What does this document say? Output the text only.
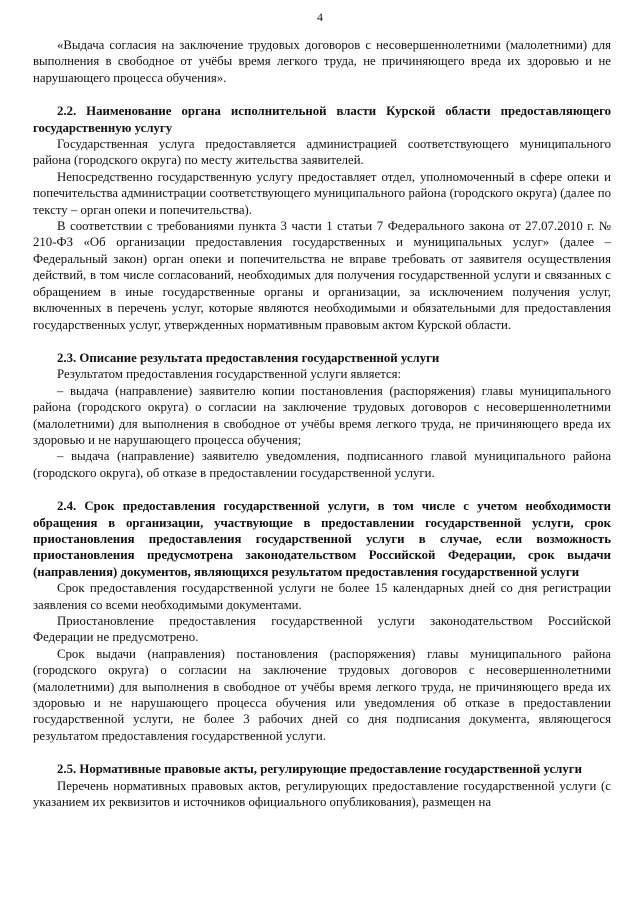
4

«Выдача согласия на заключение трудовых договоров с несовершеннолетними (малолетними) для выполнения в свободное от учёбы время легкого труда, не причиняющего вреда их здоровью и не нарушающего процесса обучения».

2.2. Наименование органа исполнительной власти Курской области предоставляющего государственную услугу

Государственная услуга предоставляется администрацией соответствующего муниципального района (городского округа) по месту жительства заявителей.

Непосредственно государственную услугу предоставляет отдел, уполномоченный в сфере опеки и попечительства администрации соответствующего муниципального района (городского округа) (далее по тексту – орган опеки и попечительства).

В соответствии с требованиями пункта 3 части 1 статьи 7 Федерального закона от 27.07.2010 г. № 210-ФЗ «Об организации предоставления государственных и муниципальных услуг» (далее – Федеральный закон) орган опеки и попечительства не вправе требовать от заявителя осуществления действий, в том числе согласований, необходимых для получения государственной услуги и связанных с обращением в иные государственные органы и организации, за исключением получения услуг, включенных в перечень услуг, которые являются необходимыми и обязательными для предоставления государственных услуг, утвержденных нормативным правовым актом Курской области.

2.3. Описание результата предоставления государственной услуги

Результатом предоставления государственной услуги является:

– выдача (направление) заявителю копии постановления (распоряжения) главы муниципального района (городского округа) о согласии на заключение трудовых договоров с несовершеннолетними (малолетними) для выполнения в свободное от учёбы время легкого труда, не причиняющего вреда их здоровью и не нарушающего процесса обучения;

– выдача (направление) заявителю уведомления, подписанного главой муниципального района (городского округа), об отказе в предоставлении государственной услуги.

2.4. Срок предоставления государственной услуги, в том числе с учетом необходимости обращения в организации, участвующие в предоставлении государственной услуги, срок приостановления предоставления государственной услуги в случае, если возможность приостановления предусмотрена законодательством Российской Федерации, срок выдачи (направления) документов, являющихся результатом предоставления государственной услуги

Срок предоставления государственной услуги не более 15 календарных дней со дня регистрации заявления со всеми необходимыми документами.

Приостановление предоставления государственной услуги законодательством Российской Федерации не предусмотрено.

Срок выдачи (направления) постановления (распоряжения) главы муниципального района (городского округа) о согласии на заключение трудовых договоров с несовершеннолетними (малолетними) для выполнения в свободное от учёбы время легкого труда, не причиняющего вреда их здоровью и не нарушающего процесса обучения или уведомления об отказе в предоставлении государственной услуги, не более 3 рабочих дней со дня подписания документа, являющегося результатом предоставления государственной услуги.

2.5. Нормативные правовые акты, регулирующие предоставление государственной услуги

Перечень нормативных правовых актов, регулирующих предоставление государственной услуги (с указанием их реквизитов и источников официального опубликования), размещен на
